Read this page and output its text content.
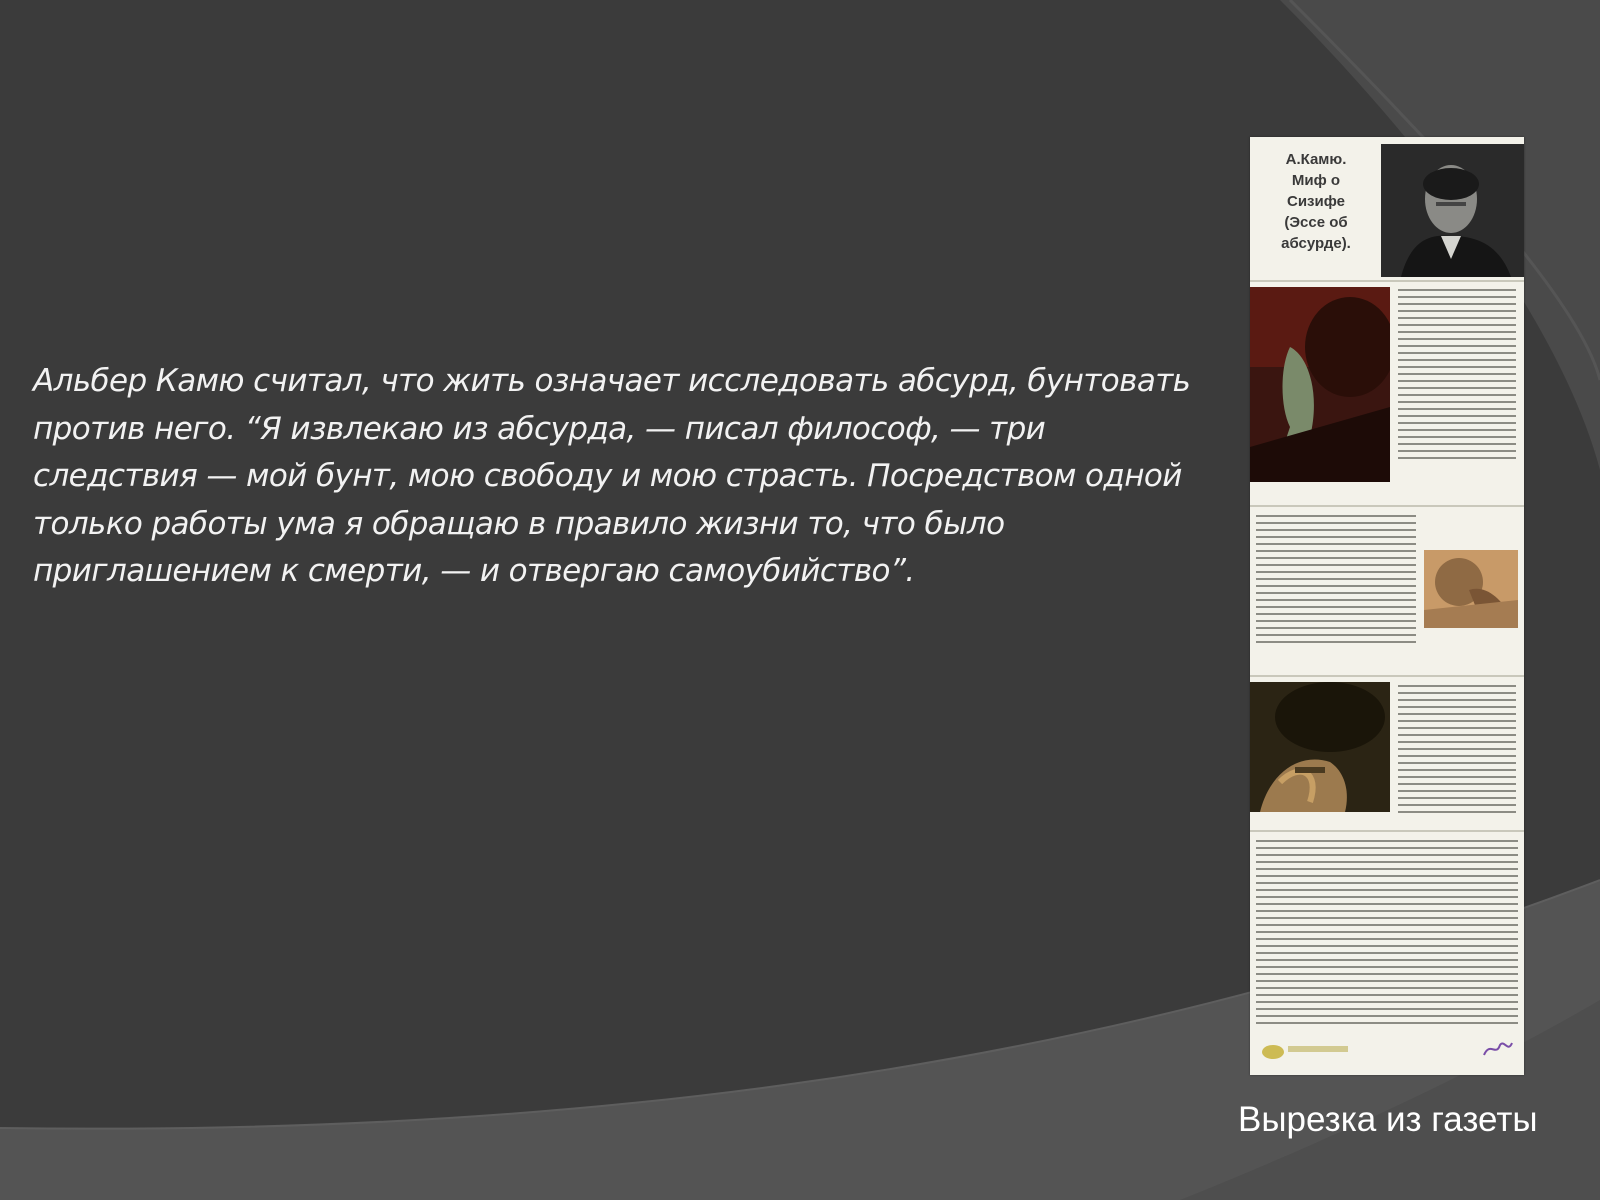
Альбер Камю считал, что жить означает исследовать абсурд, бунтовать против него. “Я извлекаю из абсурда, — писал философ, — три следствия — мой бунт, мою свободу и мою страсть. Посредством одной только работы ума я обращаю в правило жизни то, что было приглашением к смерти, — и отвергаю самоубийство”.

А.Камю.
Миф о
Сизифе
(Эссе об
абсурде).

Вырезка из газеты
